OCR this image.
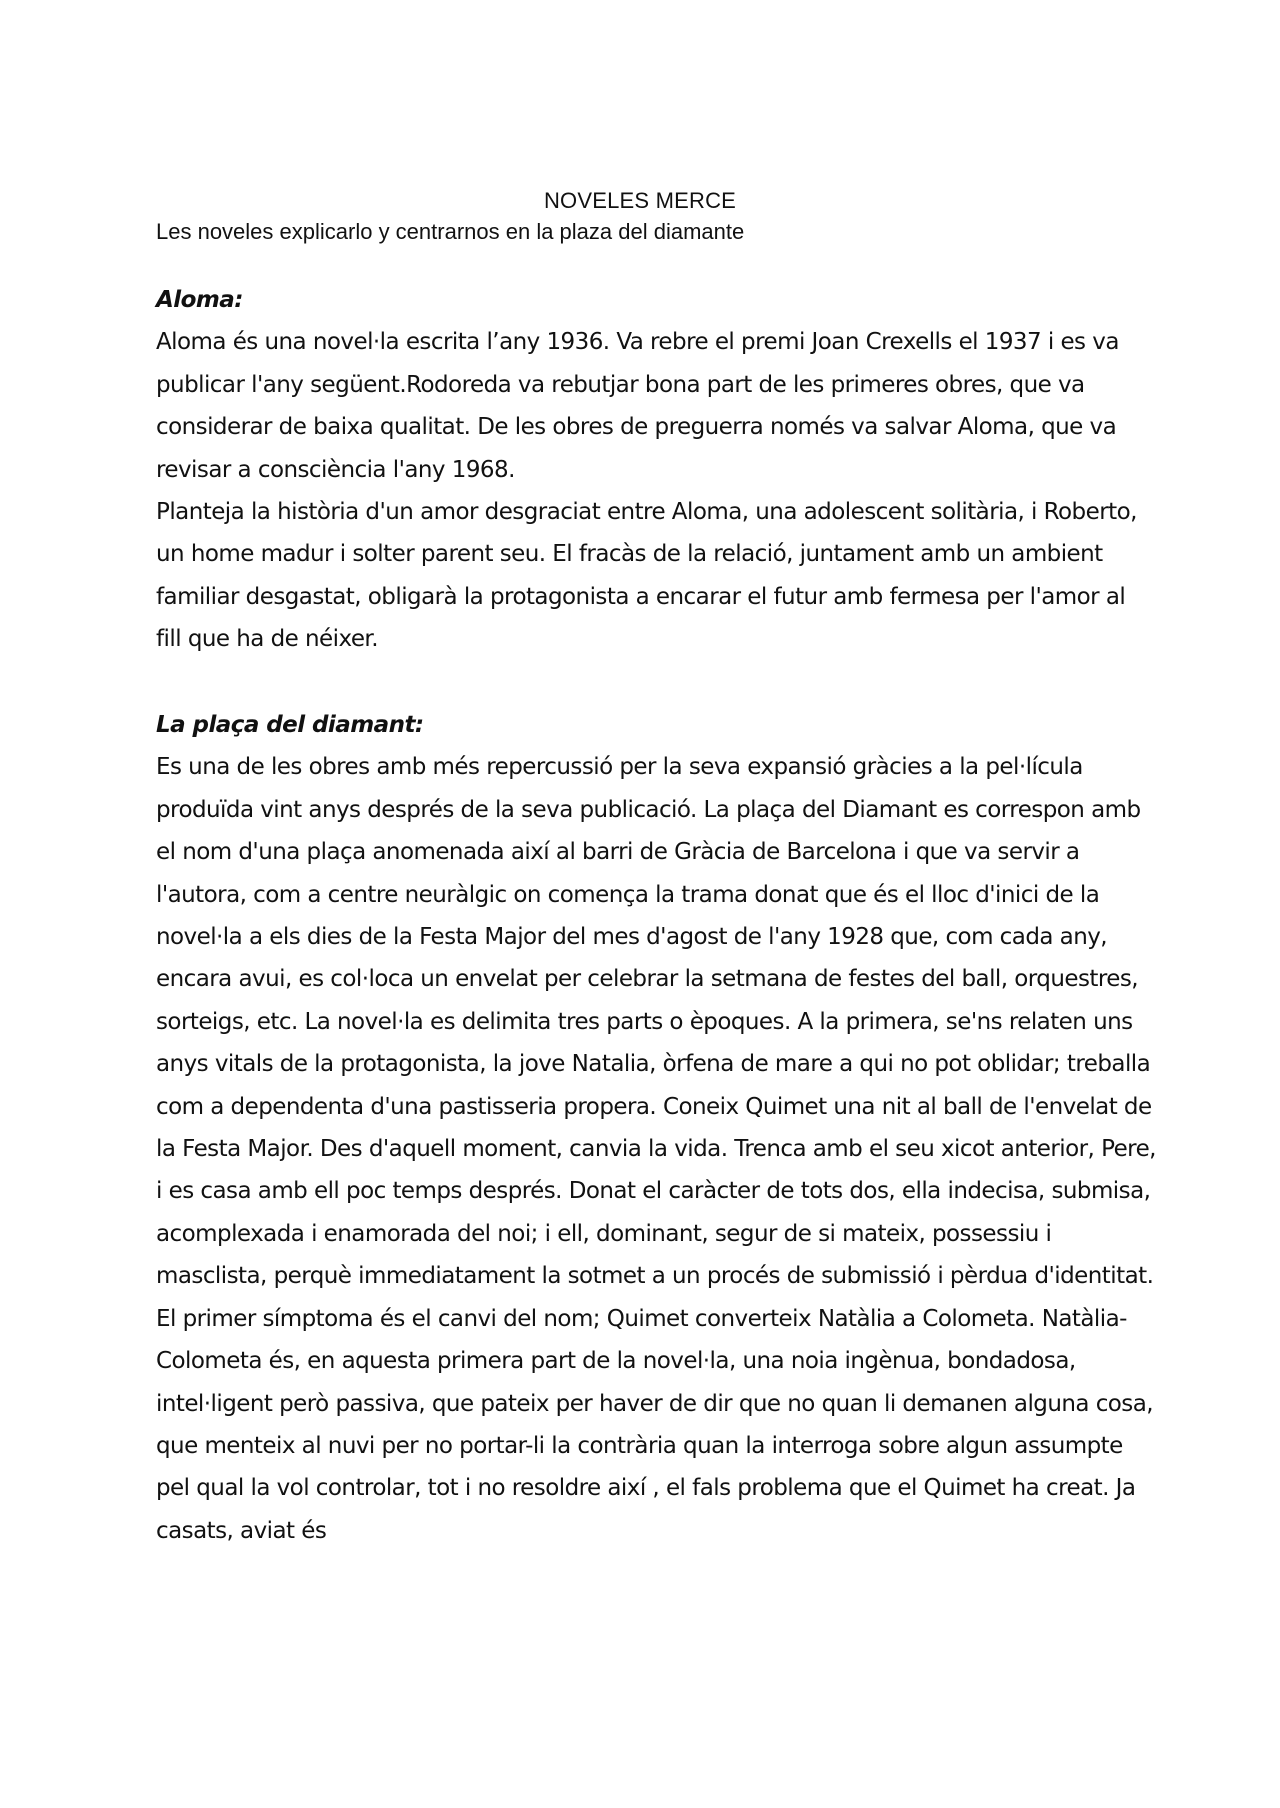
NOVELES MERCE
Les noveles explicarlo y centrarnos en la plaza del diamante

Aloma:

Aloma és una novel·la escrita l’any 1936. Va rebre el premi Joan Crexells el 1937 i es va publicar l'any següent.Rodoreda va rebutjar bona part de les primeres obres, que va considerar de baixa qualitat. De les obres de preguerra només va salvar Aloma, que va revisar a consciència l'any 1968.

Planteja la història d'un amor desgraciat entre Aloma, una adolescent solitària, i Roberto, un home madur i solter parent seu. El fracàs de la relació, juntament amb un ambient familiar desgastat, obligarà la protagonista a encarar el futur amb fermesa per l'amor al fill que ha de néixer.

La plaça del diamant:

Es una de les obres amb més repercussió per la seva expansió gràcies a la pel·lícula produïda vint anys després de la seva publicació. La plaça del Diamant es correspon amb el nom d'una plaça anomenada així al barri de Gràcia de Barcelona i que va servir a l'autora, com a centre neuràlgic on comença la trama donat que és el lloc d'inici de la novel·la a els dies de la Festa Major del mes d'agost de l'any 1928 que, com cada any, encara avui, es col·loca un envelat per celebrar la setmana de festes del ball, orquestres, sorteigs, etc. La novel·la es delimita tres parts o èpoques. A la primera, se'ns relaten uns anys vitals de la protagonista, la jove Natalia, òrfena de mare a qui no pot oblidar; treballa com a dependenta d'una pastisseria propera. Coneix Quimet una nit al ball de l'envelat de la Festa Major. Des d'aquell moment, canvia la vida. Trenca amb el seu xicot anterior, Pere, i es casa amb ell poc temps després. Donat el caràcter de tots dos, ella indecisa, submisa, acomplexada i enamorada del noi; i ell, dominant, segur de si mateix, possessiu i masclista, perquè immediatament la sotmet a un procés de submissió i pèrdua d'identitat. El primer símptoma és el canvi del nom; Quimet converteix Natàlia a Colometa. Natàlia-Colometa és, en aquesta primera part de la novel·la, una noia ingènua, bondadosa, intel·ligent però passiva, que pateix per haver de dir que no quan li demanen alguna cosa, que menteix al nuvi per no portar-li la contrària quan la interroga sobre algun assumpte pel qual la vol controlar, tot i no resoldre així , el fals problema que el Quimet ha creat. Ja casats, aviat és
